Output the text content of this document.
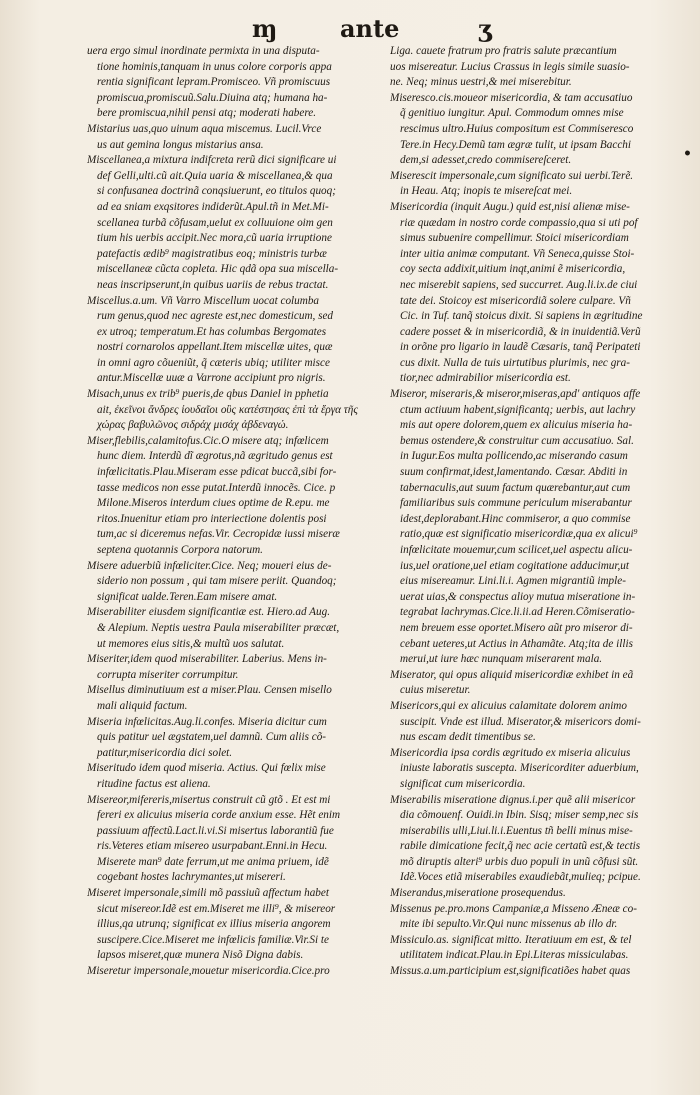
ɱ	ante	ʒ
uera ergo simul inordinate permixta in una disputa-
tione hominis,tanquam in unus colore corporis appa
rentia significant lepram.Promisceo. Vñ promiscuus
promiscua,promiscuũ.Salu.Diuina atq; humana ha-
bere promiscua,nihil pensi atq; moderati habere.
Mistarius uas,quo uinum aqua miscemus. Lucil.Vrce
us aut gemina longus mistarius ansa.
Miscellanea,a mixtura indifcreta rerũ dici significare ui
def Gelli,ulti.cũ ait.Quia uaria & miscellanea,& qua
si confusanea doctrinã conqsiuerunt, eo titulos quoq;
ad ea sniam exqsitores indiderũt.Apul.tñ in Met.Mi-
scellanea turbã cõfusam,uelut ex colluuione oim gen
tium his uerbis accipit.Nec mora,cũ uaria irruptione
patefactis ædib⁹ magistratibus eoq; ministris turbæ
miscellaneæ cũcta copleta. Hic qdã opa sua miscella-
neas inscripserunt,in quibus uariis de rebus tractat.
Miscellus.a.um. Vñ Varro Miscellum uocat columba
rum genus,quod nec agreste est,nec domesticum, sed
ex utroq; temperatum.Et has columbas Bergomates
nostri cornarolos appellant.Item miscellæ uites, quæ
in omni agro cõueniũt, q̃ cæteris ubiq; utiliter misce
antur.Miscellæ uuæ a Varrone accipiunt pro nigris.
Misach,unus ex trib⁹ pueris,de qbus Daniel in pphetia
ait, ἐκεῖνοι ἄνδρες ἰουδαῖοι οὓς κατέστησας ἐπὶ τὰ ἔργα τῆς
χώρας βαβυλῶνος σιδράχ μισάχ ἀβδεναγώ.
Miser,flebilis,calamitofus.Cic.O misere atq; infœlicem
hunc diem. Interdũ dĩ ægrotus,nã ægritudo genus est
infœlicitatis.Plau.Miseram esse pdicat buccã,sibi for-
tasse medicos non esse putat.Interdũ innocẽs. Cice. p
Milone.Miseros interdum ciues optime de R.epu. me
ritos.Inuenitur etiam pro interiectione dolentis posi
tum,ac si diceremus nefas.Vir. Cecropidæ iussi miseræ
septena quotannis Corpora natorum.
Misere aduerbiũ infœliciter.Cice. Neq; moueri eius de-
siderio non possum , qui tam misere periit. Quandoq;
significat ualde.Teren.Eam misere amat.
Miserabiliter eiusdem significantiæ est. Hiero.ad Aug.
& Alepium. Neptis uestra Paula miserabiliter præcæt,
ut memores eius sitis,& multũ uos salutat.
Miseriter,idem quod miserabiliter. Laberius. Mens in-
corrupta miseriter corrumpitur.
Misellus diminutiuum est a miser.Plau. Censen misello
mali aliquid factum.
Miseria infœlicitas.Aug.li.confes. Miseria dicitur cum
quis patitur uel ægstatem,uel damnũ. Cum aliis cõ-
patitur,misericordia dici solet.
Miseritudo idem quod miseria. Actius. Qui fœlix mise
ritudine factus est aliena.
Misereor,mifereris,misertus construit cũ gtõ . Et est mi
fereri ex alicuius miseria corde anxium esse. Hẽt enim
passiuum affectũ.Lact.li.vi.Si misertus laborantiũ fue
ris.Veteres etiam misereo usurpabant.Enni.in Hecu.
Miserete man⁹ date ferrum,ut me anima priuem, idẽ
cogebant hostes lachrymantes,ut misereri.
Miseret impersonale,simili mõ passiuũ affectum habet
sicut misereor.Idẽ est em.Miseret me illi⁹, & misereor
illius,qa utrunq; significat ex illius miseria angorem
suscipere.Cice.Miseret me infœlicis familiæ.Vir.Si te
lapsos miseret,quæ munera Nisõ Digna dabis.
Miseretur impersonale,mouetur misericordia.Cice.pro
Liga. cauete fratrum pro fratris salute præcantium
uos misereatur. Lucius Crassus in legis simile suasio-
ne. Neq; minus uestri,& mei miserebitur.
Miseresco.cis.moueor misericordia, & tam accusatiuo
q̃ genitiuo iungitur. Apul. Commodum omnes mise
rescimus ultro.Huius compositum est Commiseresco
Tere.in Hecy.Demũ tam ægræ tulit, ut ipsam Bacchi
dem,si adesset,credo commisereſceret.
Miserescit impersonale,cum significato sui uerbi.Terẽ.
in Heau. Atq; inopis te misereſcat mei.
Misericordia (inquit Augu.) quid est,nisi alienæ mise-
riæ quædam in nostro corde compassio,qua si uti pof
simus subuenire compellimur. Stoici misericordiam
inter uitia animæ computant. Vñ Seneca,quisse Stoi-
coy secta addixit,uitium inqt,animi ẽ misericordia,
nec miserebit sapiens, sed succurret. Aug.li.ix.de ciui
tate dei. Stoicoy est misericordiã solere culpare. Vñ
Cic. in Tuf. tanq̃ stoicus dixit. Si sapiens in ægritudine
cadere posset & in misericordiã, & in inuidentiã.Verũ
in orõne pro ligario in laudẽ Cæsaris, tanq̃ Peripateti
cus dixit. Nulla de tuis uirtutibus plurimis, nec gra-
tior,nec admirabilior misericordia est.
Miseror, miseraris,& miseror,miseras,apd' antiquos affe
ctum actiuum habent,significantq; uerbis, aut lachry
mis aut opere dolorem,quem ex alicuius miseria ha-
bemus ostendere,& construitur cum accusatiuo. Sal.
in Iugur.Eos multa pollicendo,ac miserando casum
suum confirmat,idest,lamentando. Cæsar. Abditi in
tabernaculis,aut suum factum quærebantur,aut cum
familiaribus suis commune periculum miserabantur
idest,deplorabant.Hinc commiseror, a quo commise
ratio,quæ est significatio misericordiæ,qua ex alicui⁹
infœlicitate mouemur,cum scilicet,uel aspectu alicu-
ius,uel oratione,uel etiam cogitatione adducimur,ut
eius misereamur. Lini.li.i. Agmen migrantiũ imple-
uerat uias,& conspectus alioy mutua miseratione in-
tegrabat lachrymas.Cice.li.ii.ad Heren.Cõmiseratio-
nem breuem esse oportet.Misero aũt pro miseror di-
cebant ueteres,ut Actius in Athamãte. Atq;ita de illis
merui,ut iure hæc nunquam miserarent mala.
Miserator, qui opus aliquid misericordiæ exhibet in eã
cuius miseretur.
Misericors,qui ex alicuius calamitate dolorem animo
suscipit. Vnde est illud. Miserator,& misericors domi-
nus escam dedit timentibus se.
Misericordia ipsa cordis ægritudo ex miseria alicuius
iniuste laboratis suscepta. Misericorditer aduerbium,
significat cum misericordia.
Miserabilis miseratione dignus.i.per quẽ alii misericor
dia cõmouenf. Ouidi.in Ibin. Sisq; miser semp,nec sis
miserabilis ulli,Liui.li.i.Euentus tñ belli minus mise-
rabile dimicatione fecit,q̃ nec acie certatũ est,& tectis
mõ diruptis alteri⁹ urbis duo populi in unũ cõfusi sũt.
Idẽ.Voces etiã miserabiles exaudiebãt,mulieq; pcipue.
Miserandus,miseratione prosequendus.
Missenus pe.pro.mons Campaniæ,a Misseno Æneæ co-
mite ibi sepulto.Vir.Qui nunc missenus ab illo dr.
Missiculo.as. significat mitto. Iteratiuum em est, & tel
utilitatem indicat.Plau.in Epi.Literas missiculabas.
Missus.a.um.participium est,significatiões habet quas
•
